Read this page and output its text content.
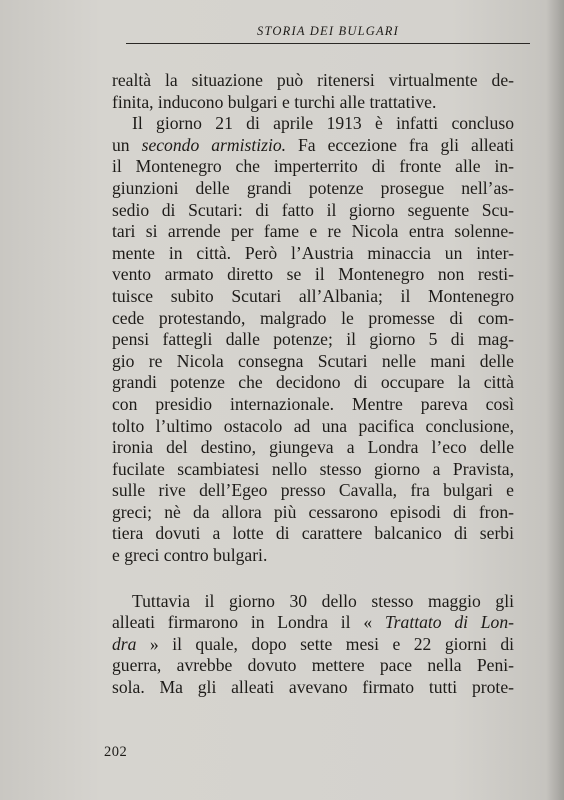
STORIA DEI BULGARI
realtà la situazione può ritenersi virtualmente de-
finita, inducono bulgari e turchi alle trattative.
Il giorno 21 di aprile 1913 è infatti concluso
un secondo armistizio. Fa eccezione fra gli alleati
il Montenegro che imperterrito di fronte alle in-
giunzioni delle grandi potenze prosegue nell’as-
sedio di Scutari: di fatto il giorno seguente Scu-
tari si arrende per fame e re Nicola entra solenne-
mente in città. Però l’Austria minaccia un inter-
vento armato diretto se il Montenegro non resti-
tuisce subito Scutari all’Albania; il Montenegro
cede protestando, malgrado le promesse di com-
pensi fattegli dalle potenze; il giorno 5 di mag-
gio re Nicola consegna Scutari nelle mani delle
grandi potenze che decidono di occupare la città
con presidio internazionale. Mentre pareva così
tolto l’ultimo ostacolo ad una pacifica conclusione,
ironia del destino, giungeva a Londra l’eco delle
fucilate scambiatesi nello stesso giorno a Pravista,
sulle rive dell’Egeo presso Cavalla, fra bulgari e
greci; nè da allora più cessarono episodi di fron-
tiera dovuti a lotte di carattere balcanico di serbi
e greci contro bulgari.
Tuttavia il giorno 30 dello stesso maggio gli
alleati firmarono in Londra il « Trattato di Lon-
dra » il quale, dopo sette mesi e 22 giorni di
guerra, avrebbe dovuto mettere pace nella Peni-
sola. Ma gli alleati avevano firmato tutti prote-
202
